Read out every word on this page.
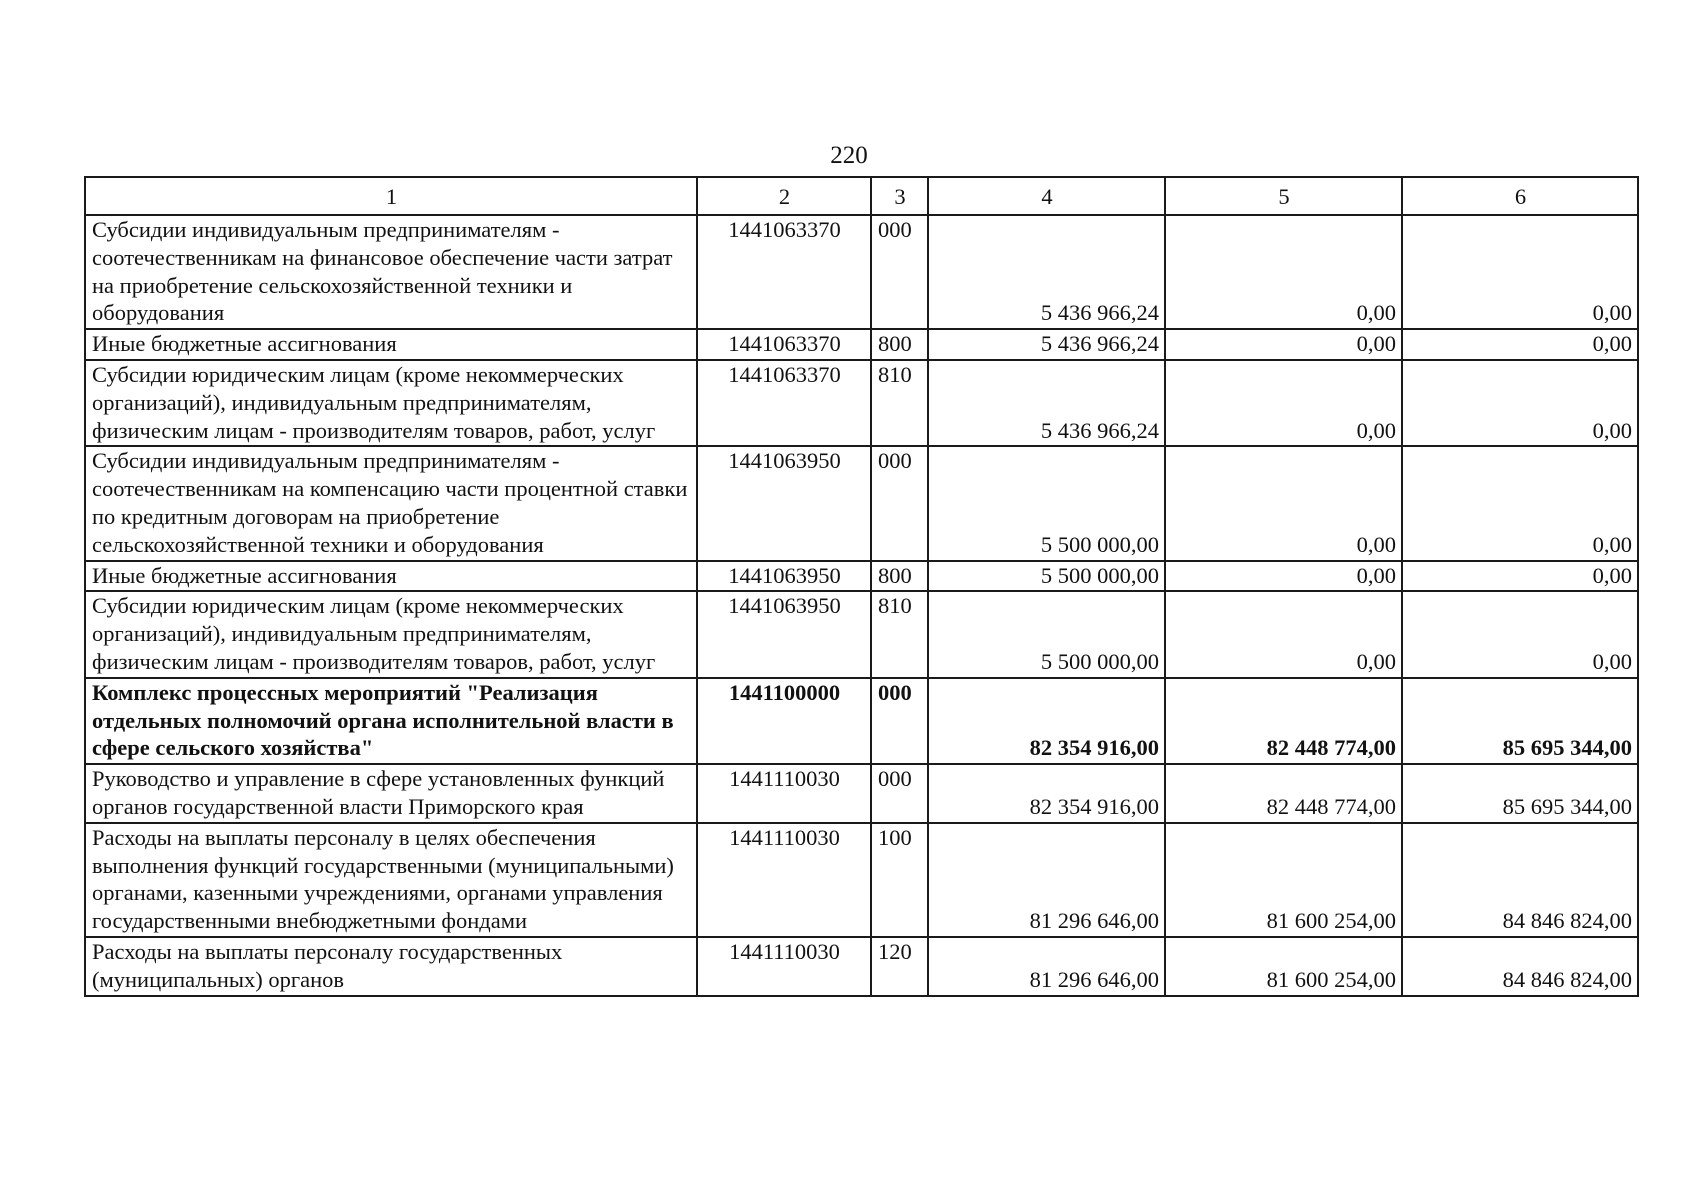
220
1	2	3	4	5	6
Субсидии индивидуальным предпринимателям - соотечественникам на финансовое обеспечение части затрат на приобретение сельскохозяйственной техники и оборудования	1441063370	000	5 436 966,24	0,00	0,00
Иные бюджетные ассигнования	1441063370	800	5 436 966,24	0,00	0,00
Субсидии юридическим лицам (кроме некоммерческих организаций), индивидуальным предпринимателям, физическим лицам - производителям товаров, работ, услуг	1441063370	810	5 436 966,24	0,00	0,00
Субсидии индивидуальным предпринимателям - соотечественникам на компенсацию части процентной ставки по кредитным договорам на приобретение сельскохозяйственной техники и оборудования	1441063950	000	5 500 000,00	0,00	0,00
Иные бюджетные ассигнования	1441063950	800	5 500 000,00	0,00	0,00
Субсидии юридическим лицам (кроме некоммерческих организаций), индивидуальным предпринимателям, физическим лицам - производителям товаров, работ, услуг	1441063950	810	5 500 000,00	0,00	0,00
Комплекс процессных мероприятий "Реализация отдельных полномочий органа исполнительной власти в сфере сельского хозяйства"	1441100000	000	82 354 916,00	82 448 774,00	85 695 344,00
Руководство и управление в сфере установленных функций органов государственной власти Приморского края	1441110030	000	82 354 916,00	82 448 774,00	85 695 344,00
Расходы на выплаты персоналу в целях обеспечения выполнения функций государственными (муниципальными) органами, казенными учреждениями, органами управления государственными внебюджетными фондами	1441110030	100	81 296 646,00	81 600 254,00	84 846 824,00
Расходы на выплаты персоналу государственных (муниципальных) органов	1441110030	120	81 296 646,00	81 600 254,00	84 846 824,00
